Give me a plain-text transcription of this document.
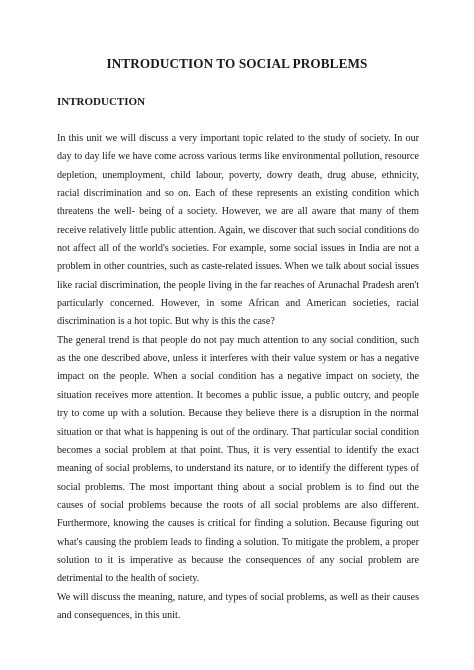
INTRODUCTION TO SOCIAL PROBLEMS
INTRODUCTION

In this unit we will discuss a very important topic related to the study of society. In our day to day life we have come across various terms like environmental pollution, resource depletion, unemployment, child labour, poverty, dowry death, drug abuse, ethnicity, racial discrimination and so on. Each of these represents an existing condition which threatens the well- being of a society. However, we are all aware that many of them receive relatively little public attention. Again, we discover that such social conditions do not affect all of the world's societies. For example, some social issues in India are not a problem in other countries, such as caste-related issues. When we talk about social issues like racial discrimination, the people living in the far reaches of Arunachal Pradesh aren't particularly concerned. However, in some African and American societies, racial discrimination is a hot topic. But why is this the case?

The general trend is that people do not pay much attention to any social condition, such as the one described above, unless it interferes with their value system or has a negative impact on the people. When a social condition has a negative impact on society, the situation receives more attention. It becomes a public issue, a public outcry, and people try to come up with a solution. Because they believe there is a disruption in the normal situation or that what is happening is out of the ordinary. That particular social condition becomes a social problem at that point. Thus, it is very essential to identify the exact meaning of social problems, to understand its nature, or to identify the different types of social problems. The most important thing about a social problem is to find out the causes of social problems because the roots of all social problems are also different. Furthermore, knowing the causes is critical for finding a solution. Because figuring out what's causing the problem leads to finding a solution. To mitigate the problem, a proper solution to it is imperative as because the consequences of any social problem are detrimental to the health of society.

We will discuss the meaning, nature, and types of social problems, as well as their causes and consequences, in this unit.
